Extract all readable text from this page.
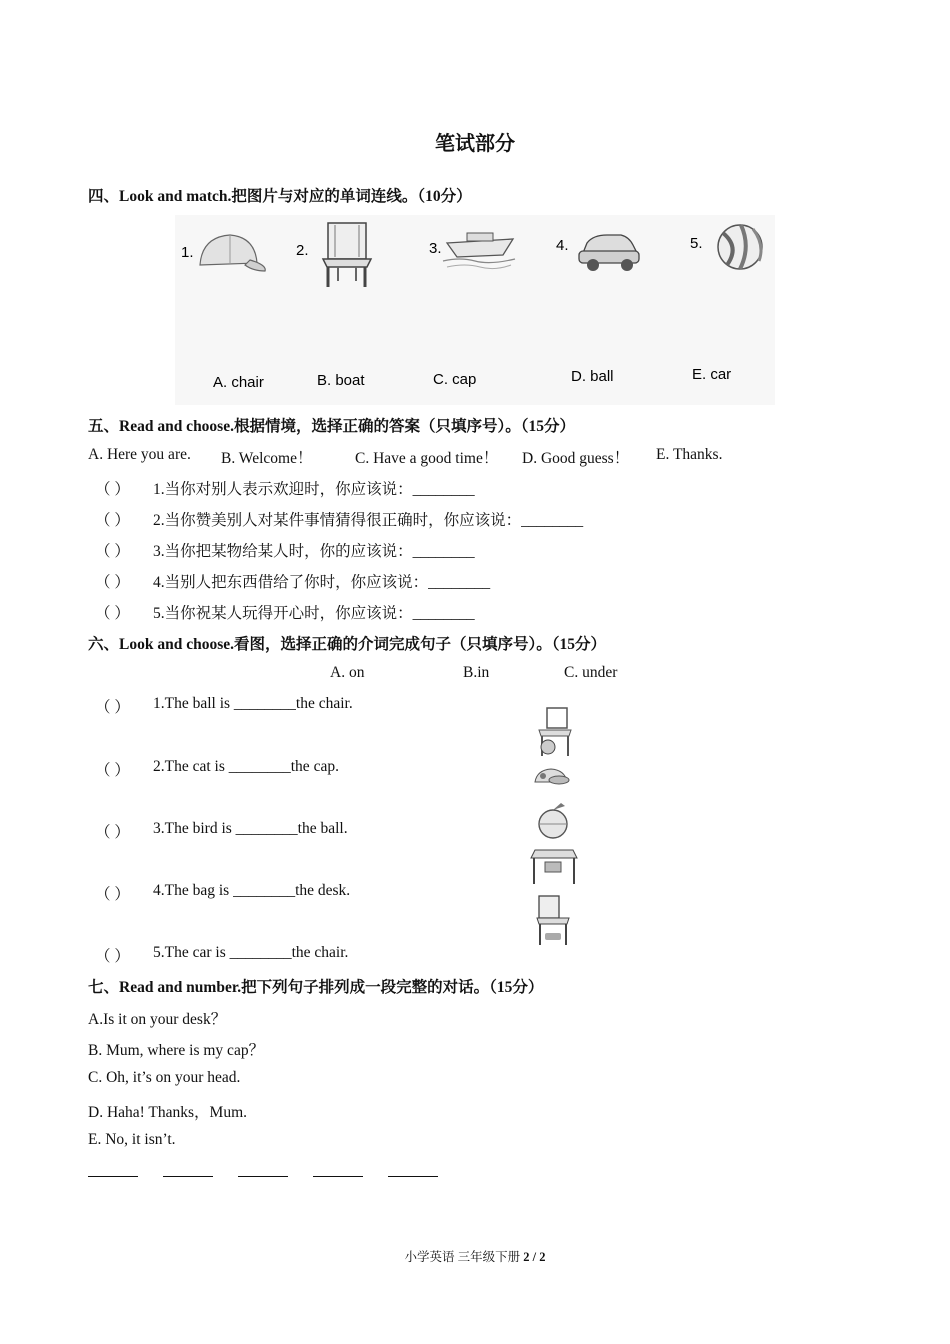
笔试部分
四、Look and match.把图片与对应的单词连线。（10分）
1.	2.	3.	4.	5.
A. chair	B. boat	C. cap	D. ball	E. car
五、Read and choose.根据情境，选择正确的答案（只填序号）。（15分）
A. Here you are. B. Welcome！	C. Have a good time！ D. Good guess！ E. Thanks.
（ ） 1.当你对别人表示欢迎时，你应该说：________
（ ） 2.当你赞美别人对某件事情猜得很正确时，你应该说：________
（ ） 3.当你把某物给某人时，你的应该说：________
（ ） 4.当别人把东西借给了你时，你应该说：________
（ ） 5.当你祝某人玩得开心时，你应该说：________
六、Look and choose.看图，选择正确的介词完成句子（只填序号）。（15分）
A. on	B.in	C. under
（ ） 1.The ball is ________the chair.
（ ） 2.The cat is ________the cap.
（ ） 3.The bird is ________the ball.
（ ） 4.The bag is ________the desk.
（ ） 5.The car is ________the chair.
七、Read and number.把下列句子排列成一段完整的对话。（15分）
A.Is it on your desk？
B. Mum, where is my cap？
C. Oh, it’s on your head.
D. Haha! Thanks，Mum.
E. No, it isn’t.
小学英语 三年级下册 2 / 2
